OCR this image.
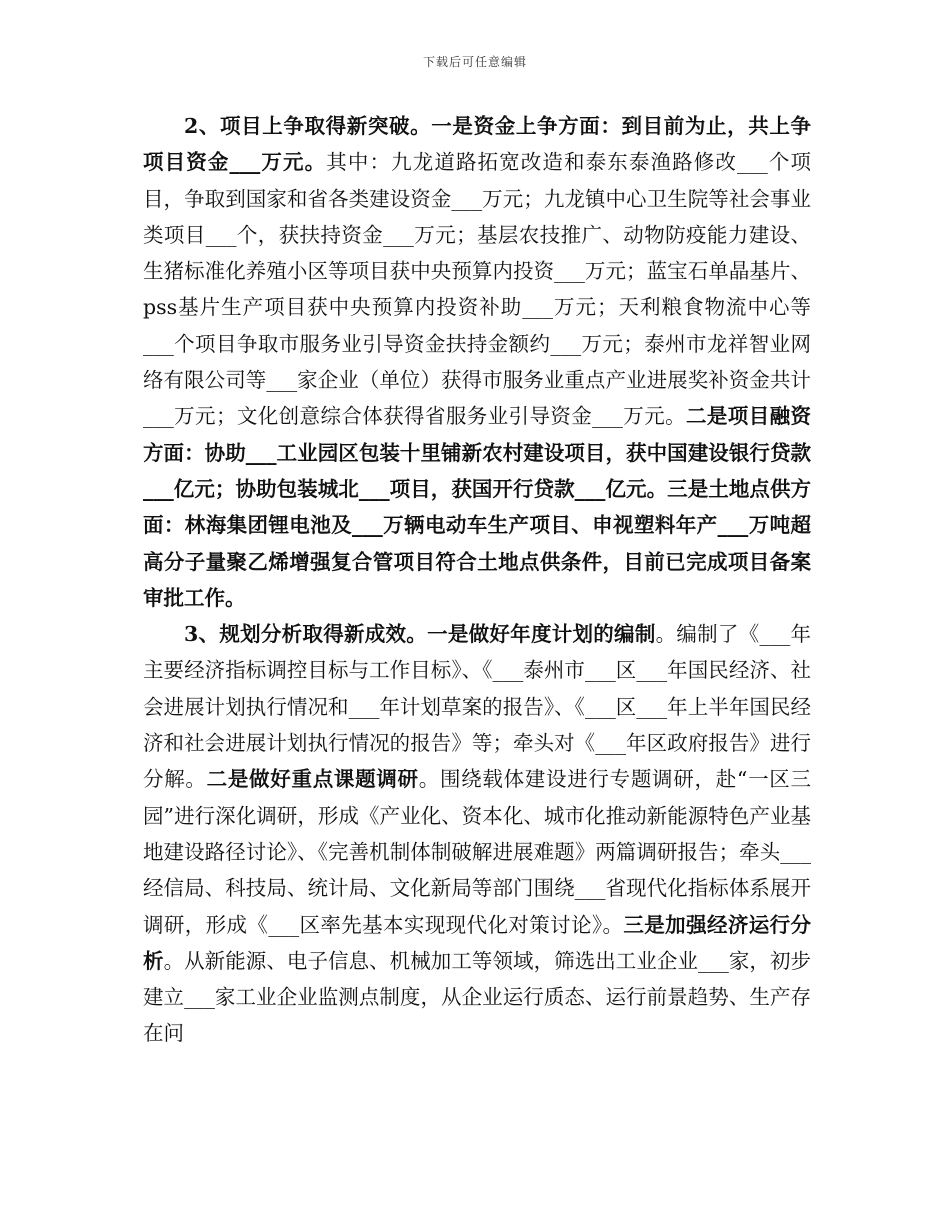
下载后可任意编辑

2、项目上争取得新突破。一是资金上争方面：到目前为止，共上争项目资金___万元。其中：九龙道路拓宽改造和泰东泰渔路修改___个项目，争取到国家和省各类建设资金___万元；九龙镇中心卫生院等社会事业类项目___个，获扶持资金___万元；基层农技推广、动物防疫能力建设、生猪标准化养殖小区等项目获中央预算内投资___万元；蓝宝石单晶基片、pss基片生产项目获中央预算内投资补助___万元；天利粮食物流中心等___个项目争取市服务业引导资金扶持金额约___万元；泰州市龙祥智业网络有限公司等___家企业（单位）获得市服务业重点产业进展奖补资金共计___万元；文化创意综合体获得省服务业引导资金___万元。二是项目融资方面：协助___工业园区包装十里铺新农村建设项目，获中国建设银行贷款___亿元；协助包装城北___项目，获国开行贷款___亿元。三是土地点供方面：林海集团锂电池及___万辆电动车生产项目、申视塑料年产___万吨超高分子量聚乙烯增强复合管项目符合土地点供条件，目前已完成项目备案审批工作。

3、规划分析取得新成效。一是做好年度计划的编制。编制了《___年主要经济指标调控目标与工作目标》、《___泰州市___区___年国民经济、社会进展计划执行情况和___年计划草案的报告》、《___区___年上半年国民经济和社会进展计划执行情况的报告》等；牵头对《___年区政府报告》进行分解。二是做好重点课题调研。围绕载体建设进行专题调研，赴“一区三园”进行深化调研，形成《产业化、资本化、城市化推动新能源特色产业基地建设路径讨论》、《完善机制体制破解进展难题》两篇调研报告；牵头___经信局、科技局、统计局、文化新局等部门围绕___省现代化指标体系展开调研，形成《___区率先基本实现现代化对策讨论》。三是加强经济运行分析。从新能源、电子信息、机械加工等领域，筛选出工业企业___家，初步建立___家工业企业监测点制度，从企业运行质态、运行前景趋势、生产存在问
